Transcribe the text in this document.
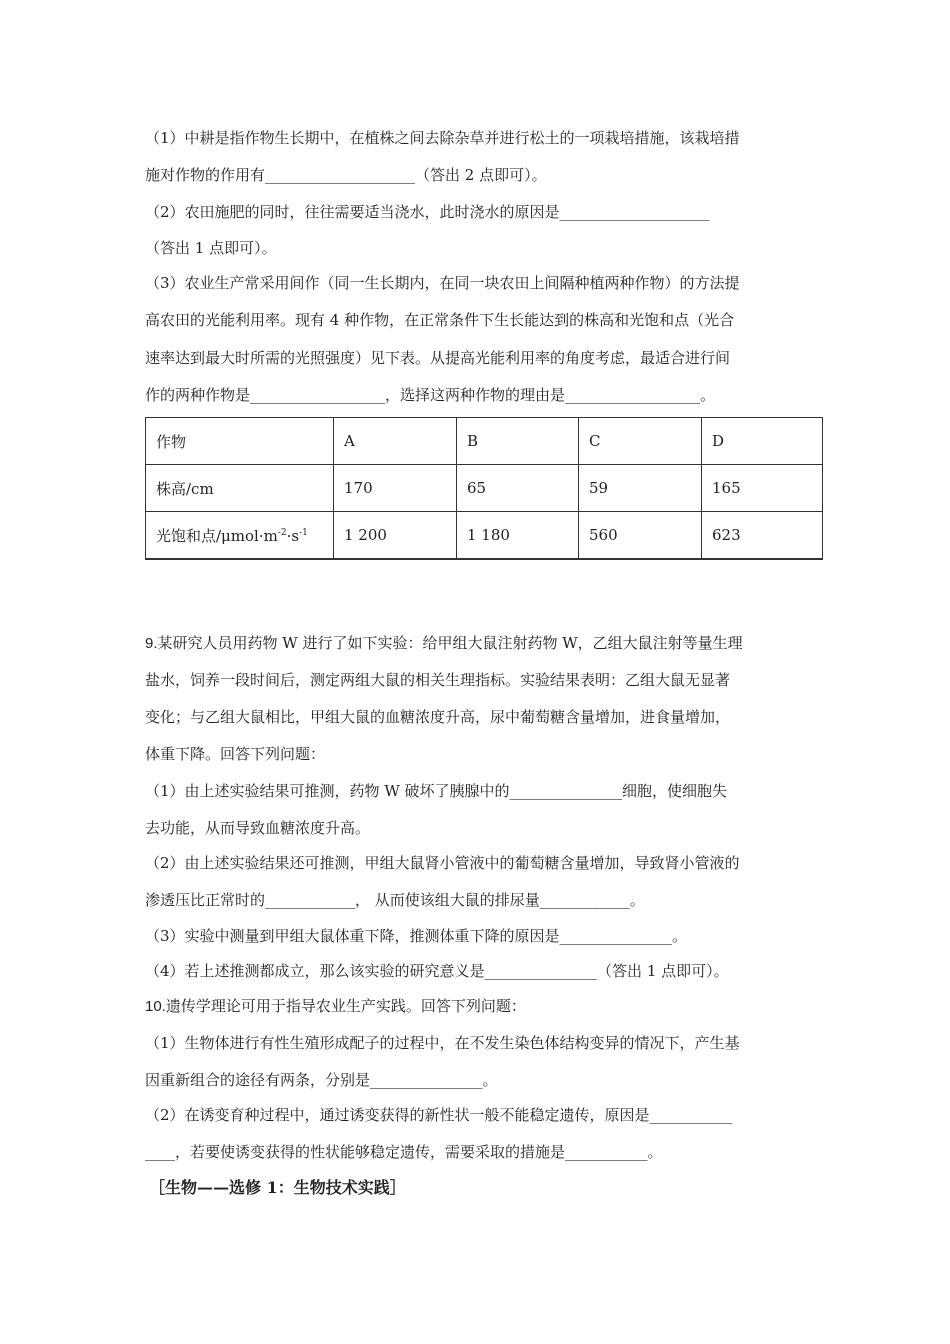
（1）中耕是指作物生长期中，在植株之间去除杂草并进行松土的一项栽培措施，该栽培措
施对作物的作用有____________________（答出 2 点即可）。
（2）农田施肥的同时，往往需要适当浇水，此时浇水的原因是____________________
（答出 1 点即可）。
（3）农业生产常采用间作（同一生长期内，在同一块农田上间隔种植两种作物）的方法提
高农田的光能利用率。现有 4 种作物，在正常条件下生长能达到的株高和光饱和点（光合
速率达到最大时所需的光照强度）见下表。从提高光能利用率的角度考虑，最适合进行间
作的两种作物是__________________，选择这两种作物的理由是__________________。
作物	A	B	C	D
株高/cm	170	65	59	165
光饱和点$/\mu mol\cdot m^{-2}\cdot s^{-1}$	1 200	1 180	560	623
9.某研究人员用药物 W 进行了如下实验：给甲组大鼠注射药物 W，乙组大鼠注射等量生理
盐水，饲养一段时间后，测定两组大鼠的相关生理指标。实验结果表明：乙组大鼠无显著
变化；与乙组大鼠相比，甲组大鼠的血糖浓度升高，尿中葡萄糖含量增加，进食量增加，
体重下降。回答下列问题：
（1）由上述实验结果可推测，药物 W 破坏了胰腺中的_______________细胞，使细胞失
去功能，从而导致血糖浓度升高。
（2）由上述实验结果还可推测，甲组大鼠肾小管液中的葡萄糖含量增加，导致肾小管液的
渗透压比正常时的____________， 从而使该组大鼠的排尿量____________。
（3）实验中测量到甲组大鼠体重下降，推测体重下降的原因是_______________。
（4）若上述推测都成立，那么该实验的研究意义是_______________（答出 1 点即可）。
10.遗传学理论可用于指导农业生产实践。回答下列问题：
（1）生物体进行有性生殖形成配子的过程中，在不发生染色体结构变异的情况下，产生基
因重新组合的途径有两条，分别是_______________。
（2）在诱变育种过程中，通过诱变获得的新性状一般不能稳定遗传，原因是___________
____，若要使诱变获得的性状能够稳定遗传，需要采取的措施是___________。
［生物——选修 1：生物技术实践］
